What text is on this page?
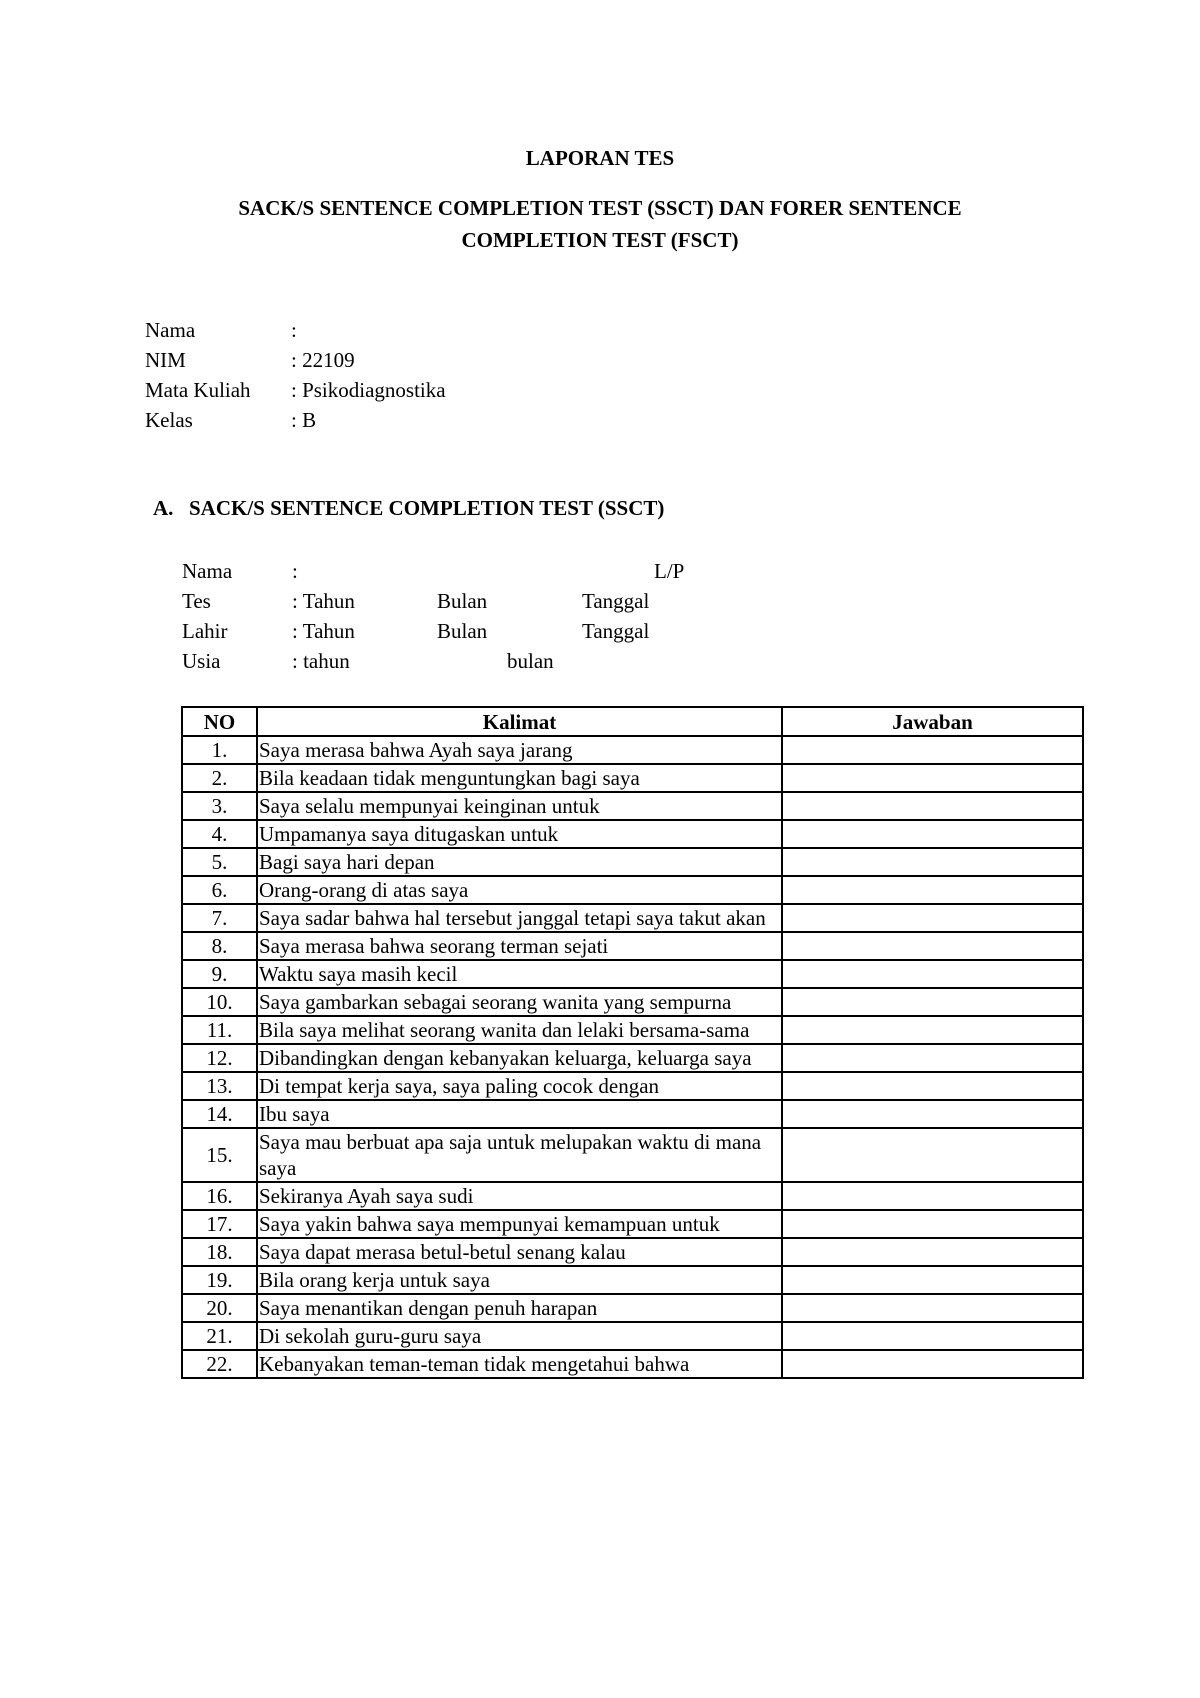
LAPORAN TES
SACK/S SENTENCE COMPLETION TEST (SSCT) DAN FORER SENTENCE
COMPLETION TEST (FSCT)
Nama	:
NIM	: 22109
Mata Kuliah	: Psikodiagnostika
Kelas	: B
A. SACK/S SENTENCE COMPLETION TEST (SSCT)
Nama	:	L/P
Tes	: Tahun	Bulan	Tanggal
Lahir	: Tahun	Bulan	Tanggal
Usia	: tahun	bulan
NO	Kalimat	Jawaban
1.	Saya merasa bahwa Ayah saya jarang	
2.	Bila keadaan tidak menguntungkan bagi saya	
3.	Saya selalu mempunyai keinginan untuk	
4.	Umpamanya saya ditugaskan untuk	
5.	Bagi saya hari depan	
6.	Orang-orang di atas saya	
7.	Saya sadar bahwa hal tersebut janggal tetapi saya takut akan	
8.	Saya merasa bahwa seorang terman sejati	
9.	Waktu saya masih kecil	
10.	Saya gambarkan sebagai seorang wanita yang sempurna	
11.	Bila saya melihat seorang wanita dan lelaki bersama-sama	
12.	Dibandingkan dengan kebanyakan keluarga, keluarga saya	
13.	Di tempat kerja saya, saya paling cocok dengan	
14.	Ibu saya	
15.	Saya mau berbuat apa saja untuk melupakan waktu di mana saya	
16.	Sekiranya Ayah saya sudi	
17.	Saya yakin bahwa saya mempunyai kemampuan untuk	
18.	Saya dapat merasa betul-betul senang kalau	
19.	Bila orang kerja untuk saya	
20.	Saya menantikan dengan penuh harapan	
21.	Di sekolah guru-guru saya	
22.	Kebanyakan teman-teman tidak mengetahui bahwa	
